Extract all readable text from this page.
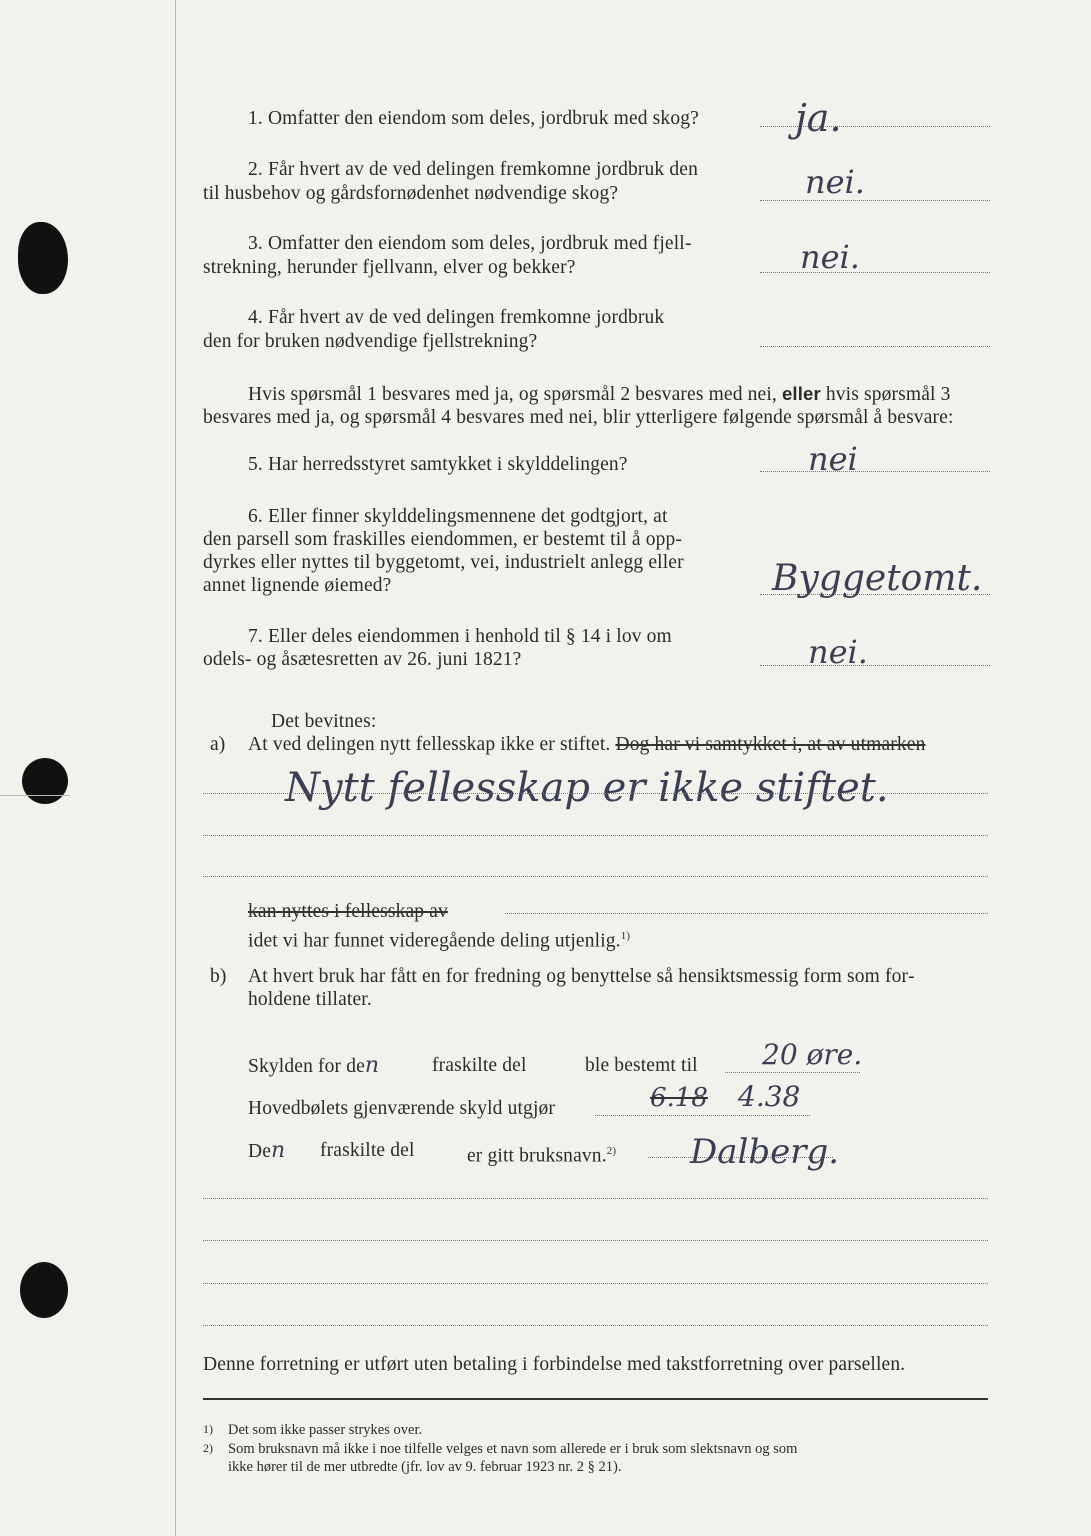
1. Omfatter den eiendom som deles, jordbruk med skog?	ja.
2. Får hvert av de ved delingen fremkomne jordbruk den
til husbehov og gårdsfornødenhet nødvendige skog?	nei.
3. Omfatter den eiendom som deles, jordbruk med fjell‐
strekning, herunder fjellvann, elver og bekker?	nei.
4. Får hvert av de ved delingen fremkomne jordbruk
den for bruken nødvendige fjellstrekning?
Hvis spørsmål 1 besvares med ja, og spørsmål 2 besvares med nei, eller hvis spørsmål 3
besvares med ja, og spørsmål 4 besvares med nei, blir ytterligere følgende spørsmål å besvare:
5. Har herredsstyret samtykket i skylddelingen?	nei
6. Eller finner skylddelingsmennene det godtgjort, at
den parsell som fraskilles eiendommen, er bestemt til å opp‐
dyrkes eller nyttes til byggetomt, vei, industrielt anlegg eller
annet lignende øiemed?	Byggetomt.
7. Eller deles eiendommen i henhold til § 14 i lov om
odels‐ og åsætesretten av 26. juni 1821?	nei.
Det bevitnes:
a) At ved delingen nytt fellesskap ikke er stiftet. Dog har vi samtykket i, at av utmarken
Nytt fellesskap er ikke stiftet.
kan nyttes i fellesskap av
idet vi har funnet videregående deling utjenlig.$^{1)}$
b) At hvert bruk har fått en for fredning og benyttelse så hensiktsmessig form som for‐
holdene tillater.
Skylden for den	fraskilte del	ble bestemt til 20 øre.
Hovedbølets gjenværende skyld utgjør	6.18 4.38
Den fraskilte del	er gitt bruksnavn.$^{2)}$ Dalberg.
Denne forretning er utført uten betaling i forbindelse med takstforretning over parsellen.
1) Det som ikke passer strykes over.
2) Som bruksnavn må ikke i noe tilfelle velges et navn som allerede er i bruk som slektsnavn og som
ikke hører til de mer utbredte (jfr. lov av 9. februar 1923 nr. 2 § 21).
